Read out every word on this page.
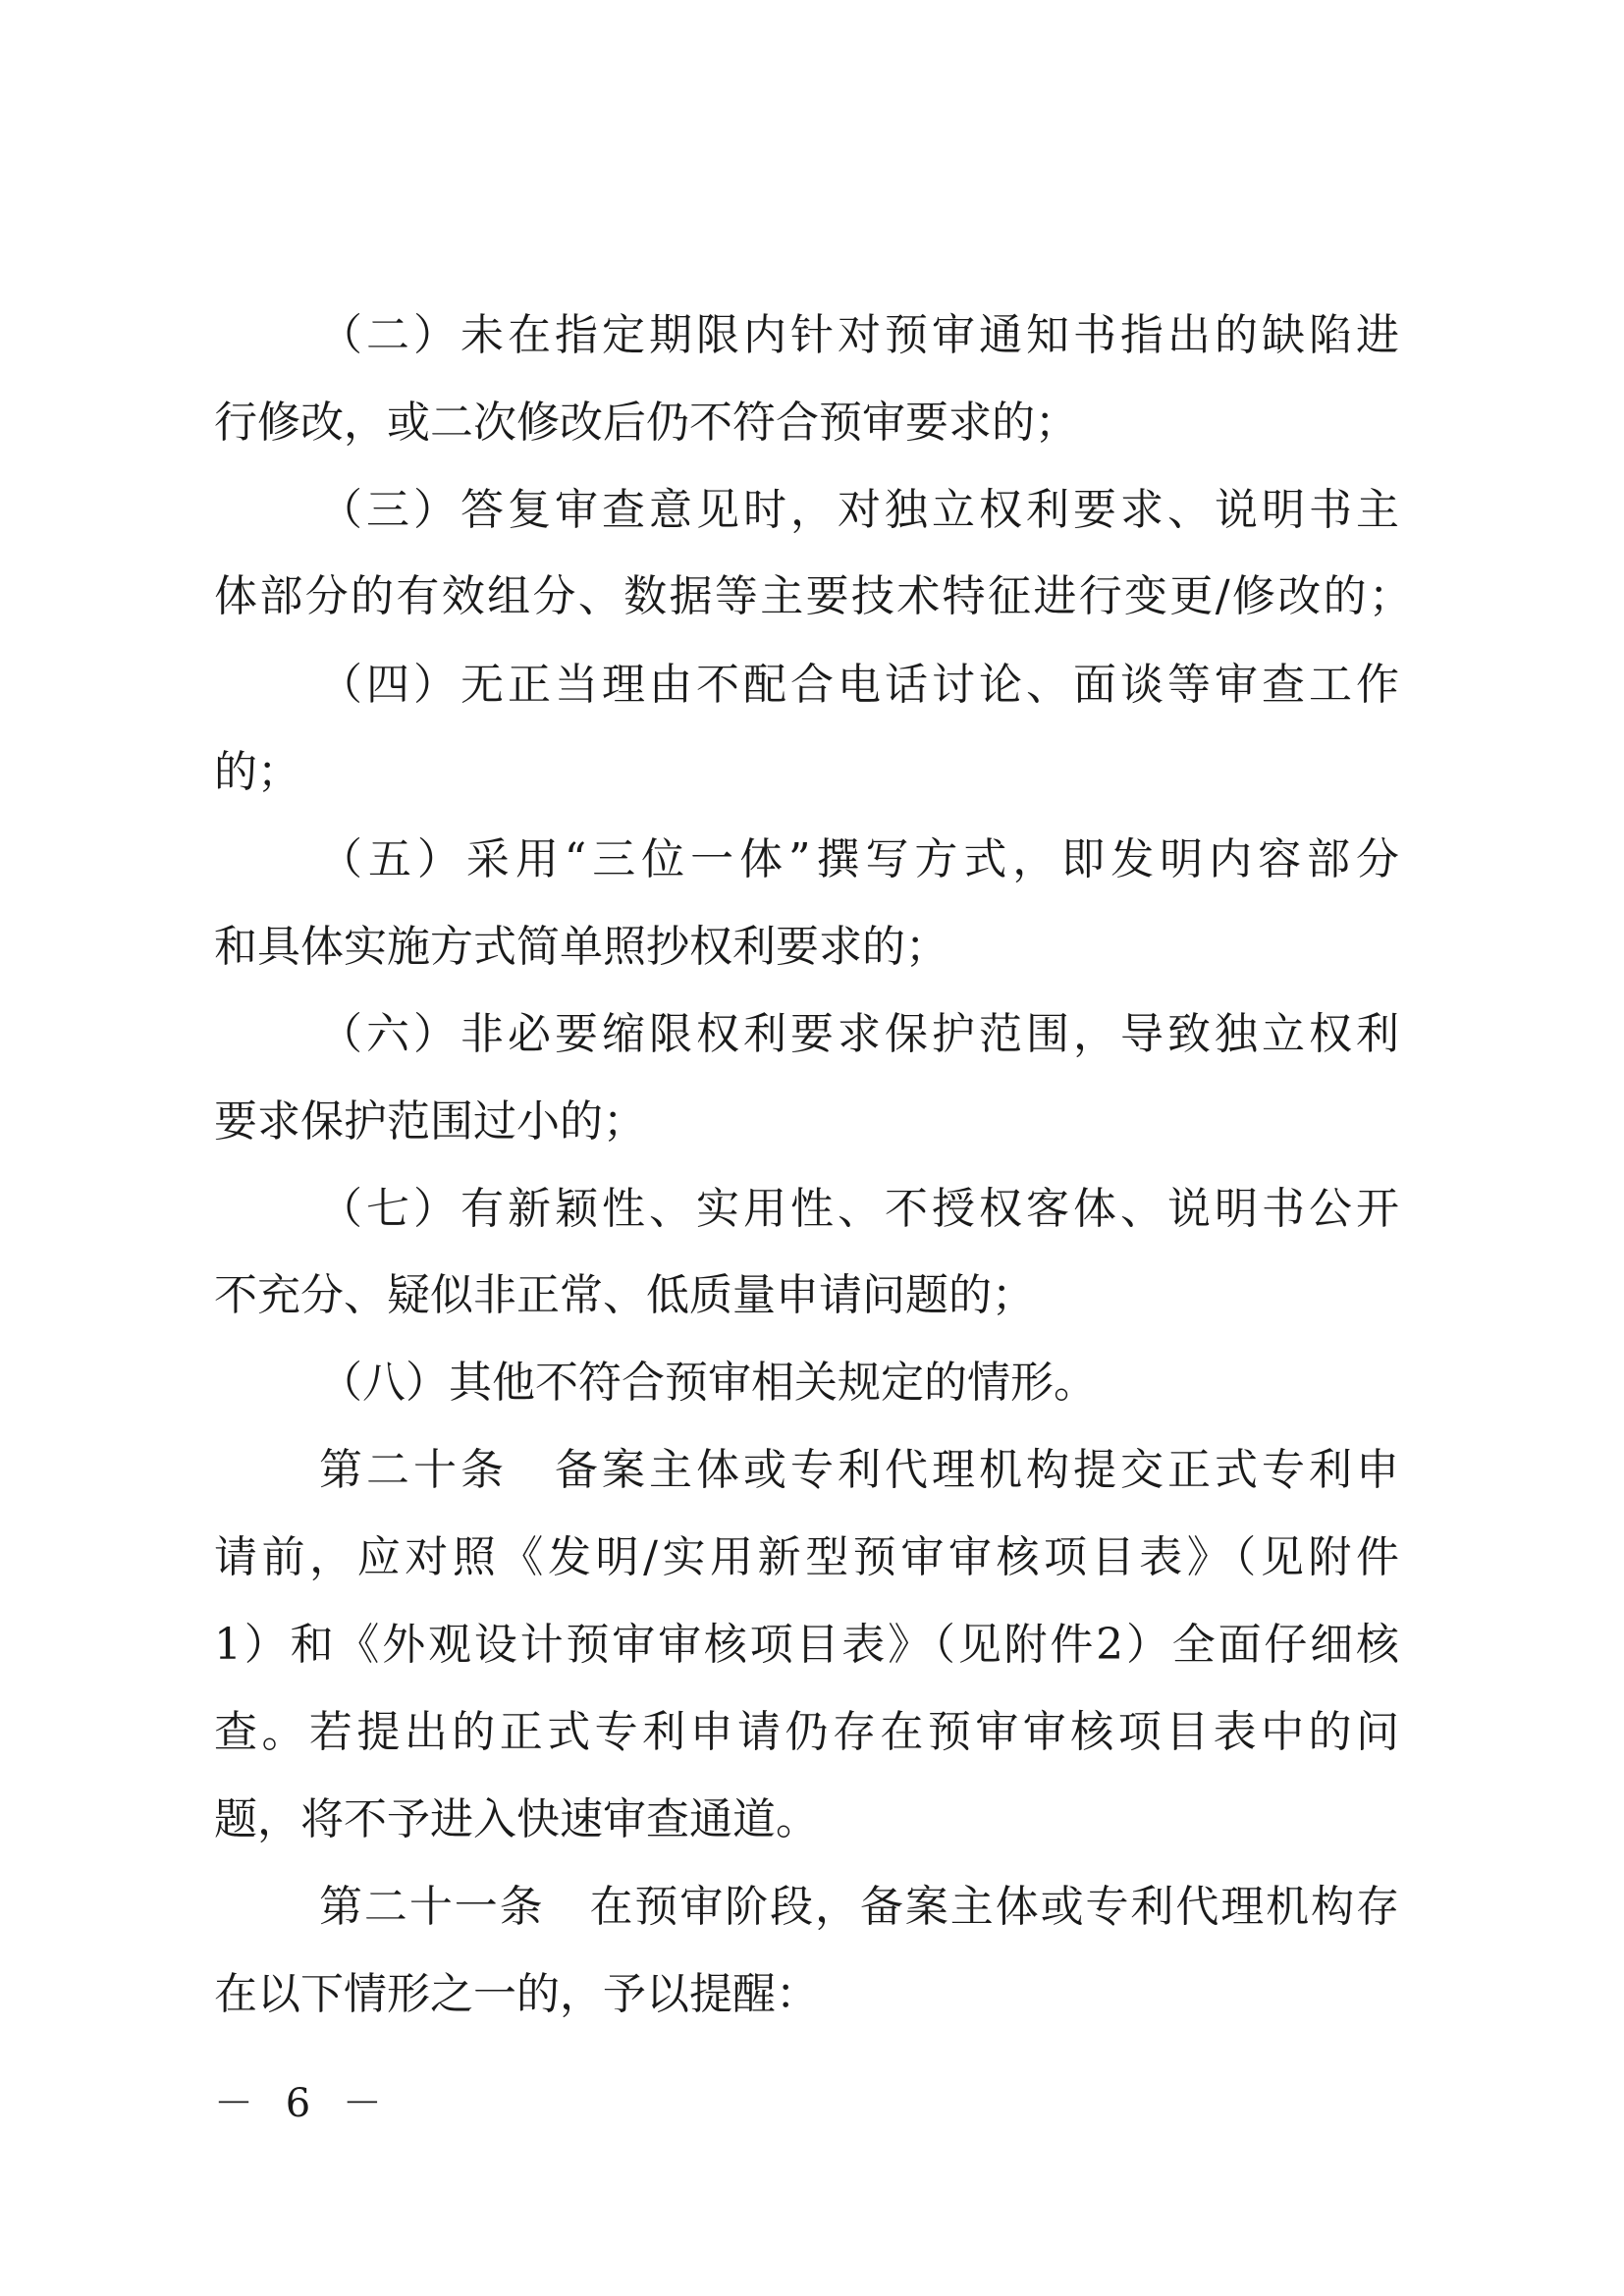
（二）未在指定期限内针对预审通知书指出的缺陷进
行修改，或二次修改后仍不符合预审要求的；
（三）答复审查意见时，对独立权利要求、说明书主
体部分的有效组分、数据等主要技术特征进行变更/修改的；
（四）无正当理由不配合电话讨论、面谈等审查工作
的；
（五）采用“三位一体”撰写方式，即发明内容部分
和具体实施方式简单照抄权利要求的；
（六）非必要缩限权利要求保护范围，导致独立权利
要求保护范围过小的；
（七）有新颖性、实用性、不授权客体、说明书公开
不充分、疑似非正常、低质量申请问题的；
（八）其他不符合预审相关规定的情形。
第二十条　备案主体或专利代理机构提交正式专利申
请前，应对照《发明/实用新型预审审核项目表》（见附件
1）和《外观设计预审审核项目表》（见附件2）全面仔细核
查。若提出的正式专利申请仍存在预审审核项目表中的问
题，将不予进入快速审查通道。
第二十一条　在预审阶段，备案主体或专利代理机构存
在以下情形之一的，予以提醒：
－ 6 －
